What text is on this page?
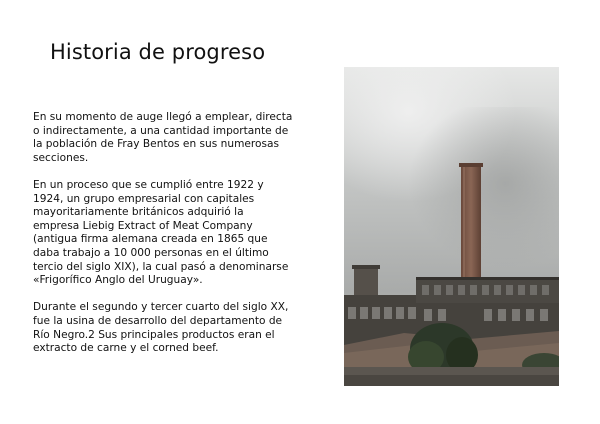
Historia de progreso

En su momento de auge llegó a emplear, directa o indirectamente, a una cantidad importante de la población de Fray Bentos en sus numerosas secciones.

En un proceso que se cumplió entre 1922 y 1924, un grupo empresarial con capitales mayoritariamente británicos adquirió la empresa Liebig Extract of Meat Company (antigua firma alemana creada en 1865 que daba trabajo a 10 000 personas en el último tercio del siglo XIX), la cual pasó a denominarse «Frigorífico Anglo del Uruguay».

Durante el segundo y tercer cuarto del siglo XX, fue la usina de desarrollo del departamento de Río Negro.2 Sus principales productos eran el extracto de carne y el corned beef.
